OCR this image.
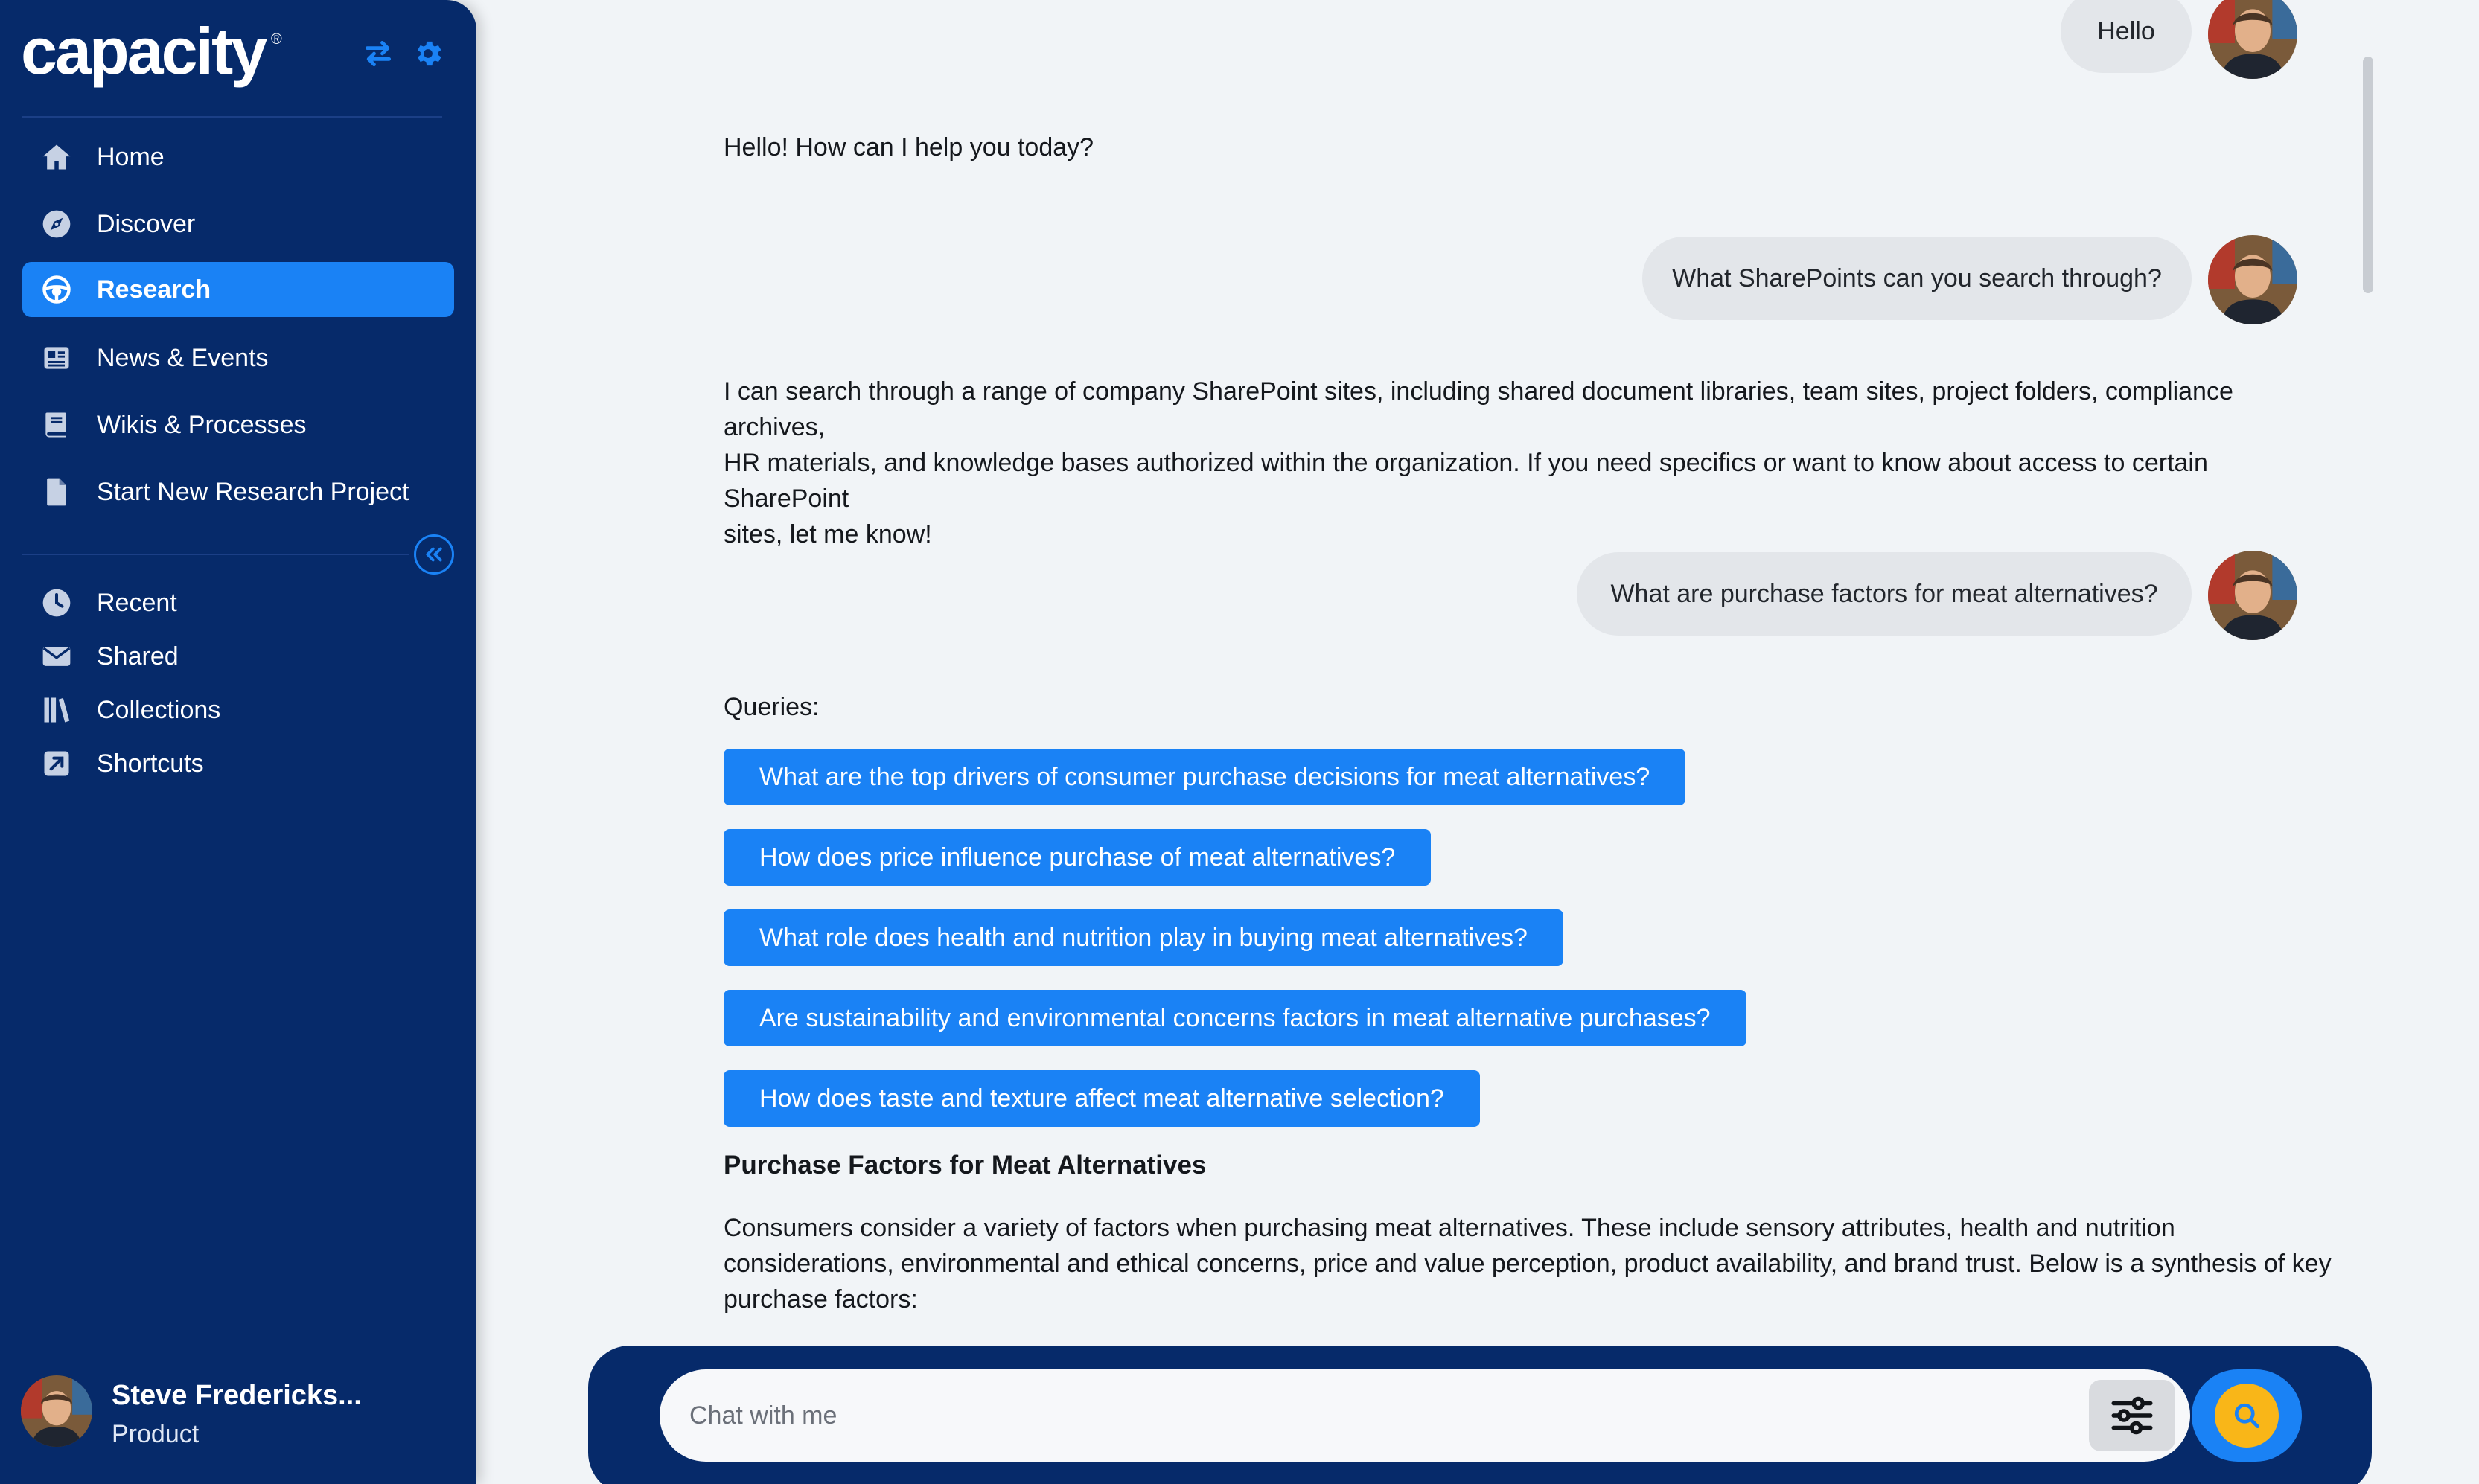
capacity ®
Home
Discover
Research
News & Events
Wikis & Processes
Start New Research Project
Recent
Shared
Collections
Shortcuts
Steve Fredericks...
Product
Hello
Hello! How can I help you today?
What SharePoints can you search through?
I can search through a range of company SharePoint sites, including shared document libraries, team sites, project folders, compliance archives,
HR materials, and knowledge bases authorized within the organization. If you need specifics or want to know about access to certain SharePoint
sites, let me know!
What are purchase factors for meat alternatives?
Queries:
What are the top drivers of consumer purchase decisions for meat alternatives?
How does price influence purchase of meat alternatives?
What role does health and nutrition play in buying meat alternatives?
Are sustainability and environmental concerns factors in meat alternative purchases?
How does taste and texture affect meat alternative selection?
Purchase Factors for Meat Alternatives
Consumers consider a variety of factors when purchasing meat alternatives. These include sensory attributes, health and nutrition
considerations, environmental and ethical concerns, price and value perception, product availability, and brand trust. Below is a synthesis of key
purchase factors:
Chat with me
